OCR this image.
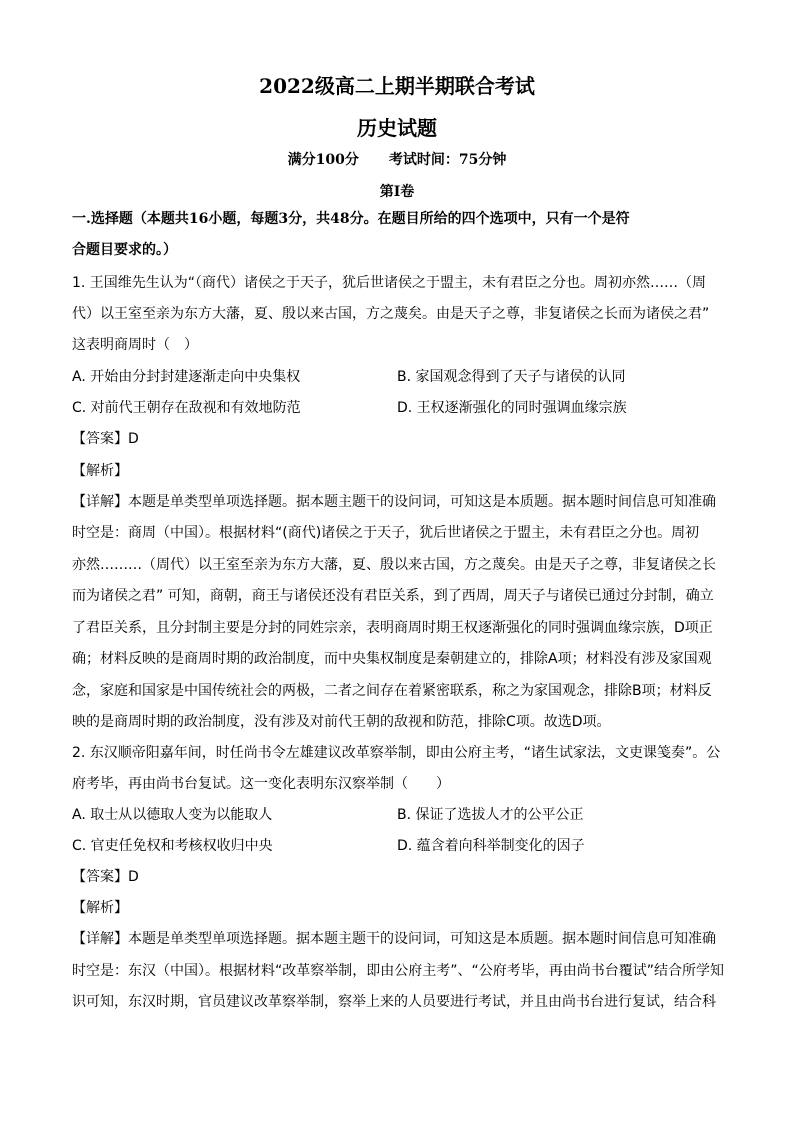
2022级高二上期半期联合考试
历史试题
满分100分 考试时间：75分钟
第Ⅰ卷
一.选择题（本题共16小题，每题3分，共48分。在题目所给的四个选项中，只有一个是符
合题目要求的。）
1. 王国维先生认为“（商代）诸侯之于天子，犹后世诸侯之于盟主，未有君臣之分也。周初亦然……（周
代）以王室至亲为东方大藩，夏、殷以来古国，方之蔑矣。由是天子之尊，非复诸侯之长而为诸侯之君”
这表明商周时（　）
A. 开始由分封封建逐渐走向中央集权	B. 家国观念得到了天子与诸侯的认同
C. 对前代王朝存在敌视和有效地防范	D. 王权逐渐强化的同时强调血缘宗族
【答案】D
【解析】
【详解】本题是单类型单项选择题。据本题主题干的设问词，可知这是本质题。据本题时间信息可知准确
时空是：商周（中国）。根据材料“(商代)诸侯之于天子，犹后世诸侯之于盟主，未有君臣之分也。周初
亦然………（周代）以王室至亲为东方大藩，夏、殷以来古国，方之蔑矣。由是天子之尊，非复诸侯之长
而为诸侯之君” 可知，商朝，商王与诸侯还没有君臣关系，到了西周，周天子与诸侯已通过分封制，确立
了君臣关系，且分封制主要是分封的同姓宗亲，表明商周时期王权逐渐强化的同时强调血缘宗族，D项正
确；材料反映的是商周时期的政治制度，而中央集权制度是秦朝建立的，排除A项；材料没有涉及家国观
念，家庭和国家是中国传统社会的两极，二者之间存在着紧密联系，称之为家国观念，排除B项；材料反
映的是商周时期的政治制度，没有涉及对前代王朝的敌视和防范，排除C项。故选D项。
2. 东汉顺帝阳嘉年间，时任尚书令左雄建议改革察举制，即由公府主考，“诸生试家法，文吏课笺奏”。公
府考毕，再由尚书台复试。这一变化表明东汉察举制（　　）
A. 取士从以德取人变为以能取人	B. 保证了选拔人才的公平公正
C. 官吏任免权和考核权收归中央	D. 蕴含着向科举制变化的因子
【答案】D
【解析】
【详解】本题是单类型单项选择题。据本题主题干的设问词，可知这是本质题。据本题时间信息可知准确
时空是：东汉（中国）。根据材料“改革察举制，即由公府主考”、“公府考毕，再由尚书台覆试”结合所学知
识可知，东汉时期，官员建议改革察举制，察举上来的人员要进行考试，并且由尚书台进行复试，结合科
